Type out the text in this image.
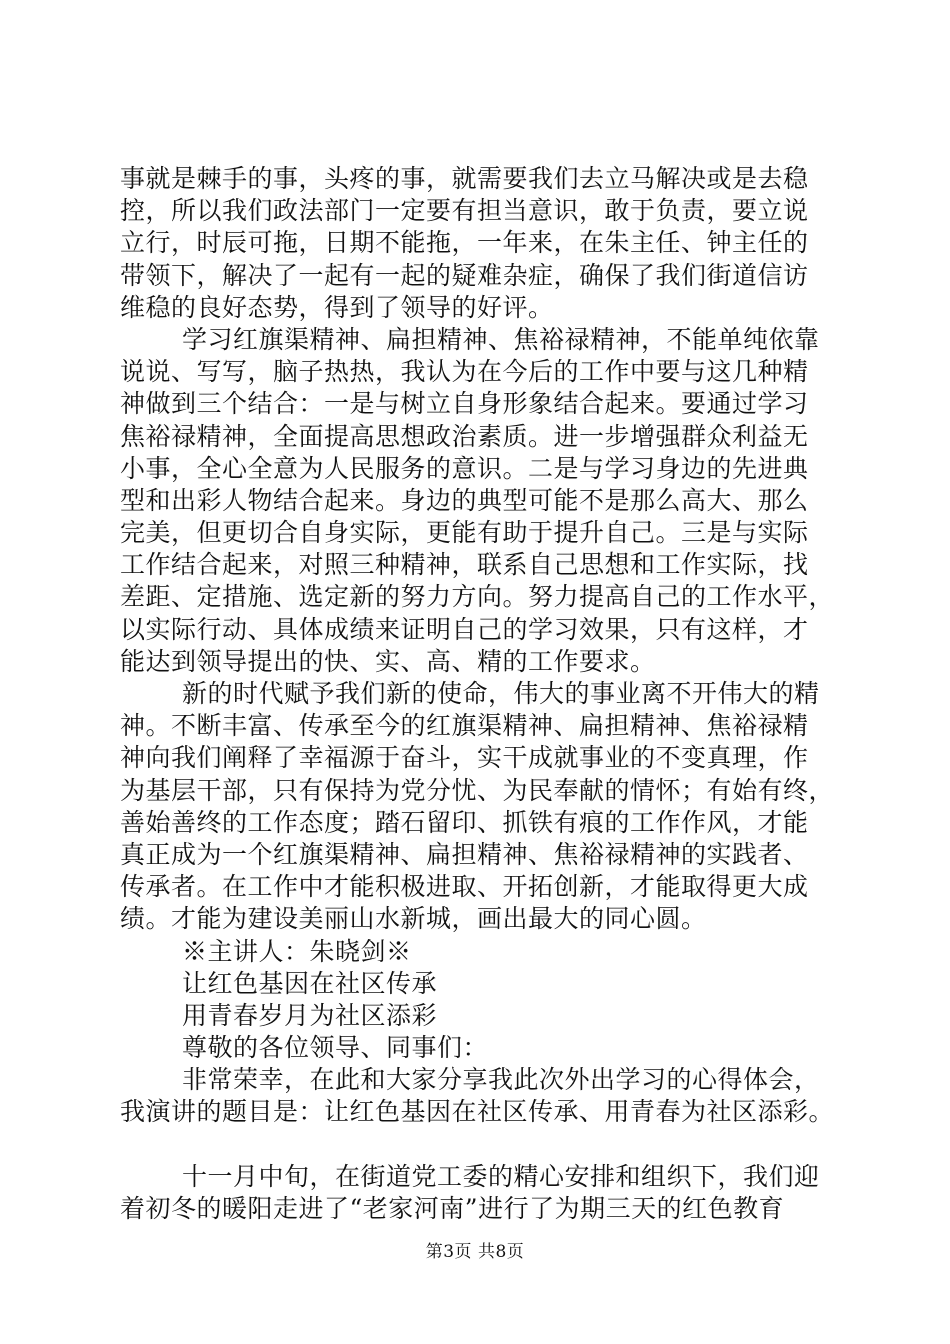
事就是棘手的事，头疼的事，就需要我们去立马解决或是去稳
控，所以我们政法部门一定要有担当意识，敢于负责，要立说
立行，时辰可拖，日期不能拖，一年来，在朱主任、钟主任的
带领下，解决了一起有一起的疑难杂症，确保了我们街道信访
维稳的良好态势，得到了领导的好评。
学习红旗渠精神、扁担精神、焦裕禄精神，不能单纯依靠
说说、写写，脑子热热，我认为在今后的工作中要与这几种精
神做到三个结合：一是与树立自身形象结合起来。要通过学习
焦裕禄精神，全面提高思想政治素质。进一步增强群众利益无
小事，全心全意为人民服务的意识。二是与学习身边的先进典
型和出彩人物结合起来。身边的典型可能不是那么高大、那么
完美，但更切合自身实际，更能有助于提升自己。三是与实际
工作结合起来，对照三种精神，联系自己思想和工作实际，找
差距、定措施、选定新的努力方向。努力提高自己的工作水平，
以实际行动、具体成绩来证明自己的学习效果，只有这样，才
能达到领导提出的快、实、高、精的工作要求。
新的时代赋予我们新的使命，伟大的事业离不开伟大的精
神。不断丰富、传承至今的红旗渠精神、扁担精神、焦裕禄精
神向我们阐释了幸福源于奋斗，实干成就事业的不变真理，作
为基层干部，只有保持为党分忧、为民奉献的情怀；有始有终，
善始善终的工作态度；踏石留印、抓铁有痕的工作作风，才能
真正成为一个红旗渠精神、扁担精神、焦裕禄精神的实践者、
传承者。在工作中才能积极进取、开拓创新，才能取得更大成
绩。才能为建设美丽山水新城，画出最大的同心圆。
※主讲人：朱晓剑※
让红色基因在社区传承
用青春岁月为社区添彩
尊敬的各位领导、同事们：
非常荣幸，在此和大家分享我此次外出学习的心得体会，
我演讲的题目是：让红色基因在社区传承、用青春为社区添彩。
十一月中旬，在街道党工委的精心安排和组织下，我们迎
着初冬的暖阳走进了“老家河南”进行了为期三天的红色教育
第3页 共8页
